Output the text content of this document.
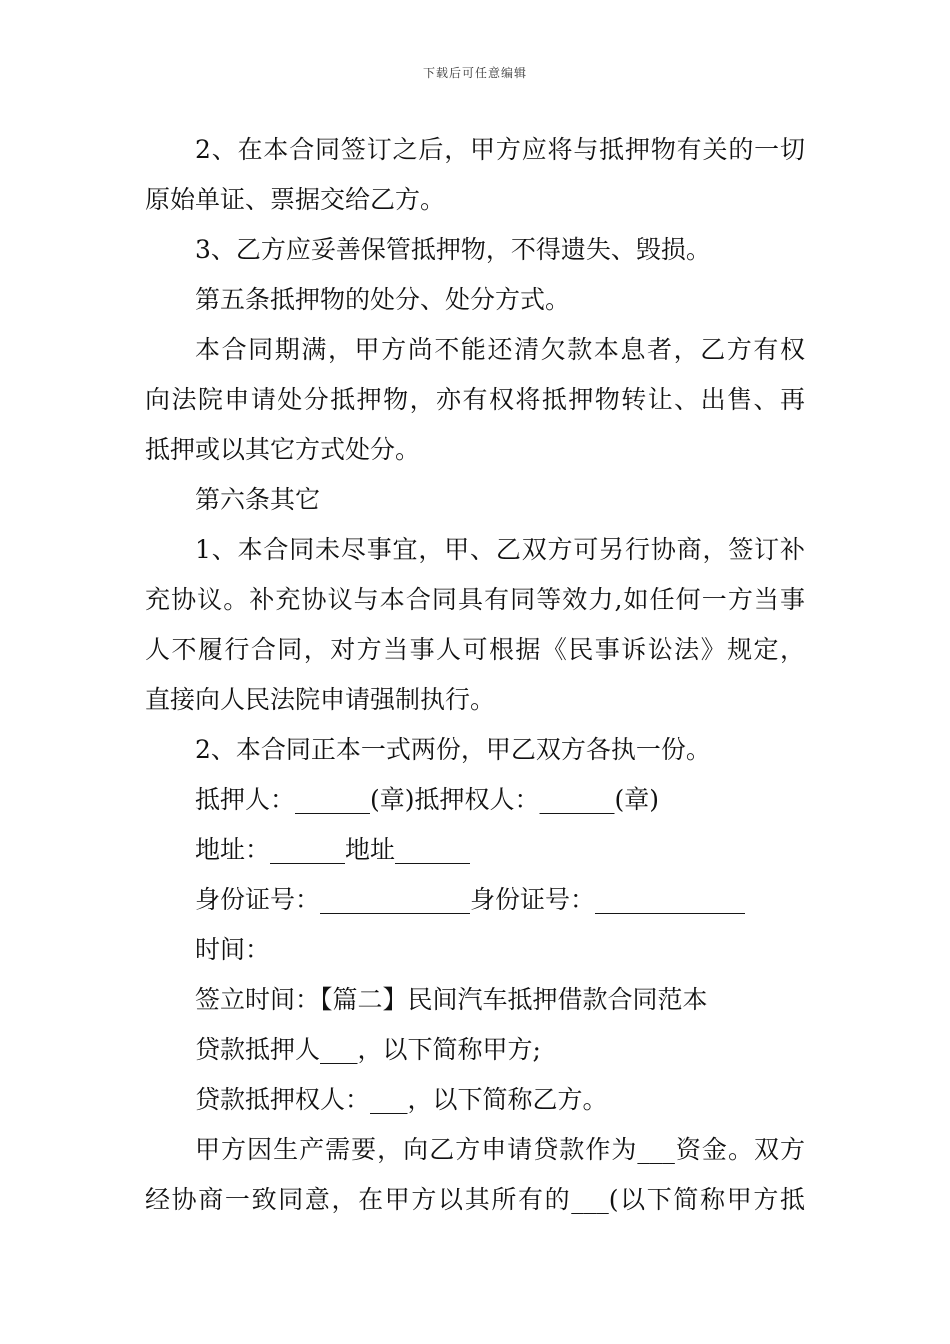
下载后可任意编辑
2、在本合同签订之后，甲方应将与抵押物有关的一切
原始单证、票据交给乙方。
3、乙方应妥善保管抵押物，不得遗失、毁损。
第五条抵押物的处分、处分方式。
本合同期满，甲方尚不能还清欠款本息者，乙方有权
向法院申请处分抵押物，亦有权将抵押物转让、出售、再
抵押或以其它方式处分。
第六条其它
1、本合同未尽事宜，甲、乙双方可另行协商，签订补
充协议。补充协议与本合同具有同等效力,如任何一方当事
人不履行合同，对方当事人可根据《民事诉讼法》规定，
直接向人民法院申请强制执行。
2、本合同正本一式两份，甲乙双方各执一份。
抵押人：______(章)抵押权人：______(章)
地址：______地址______
身份证号：____________身份证号：____________
时间：
签立时间：【篇二】民间汽车抵押借款合同范本
贷款抵押人___，以下简称甲方;
贷款抵押权人：___，以下简称乙方。
甲方因生产需要，向乙方申请贷款作为___资金。双方
经协商一致同意，在甲方以其所有的___(以下简称甲方抵
